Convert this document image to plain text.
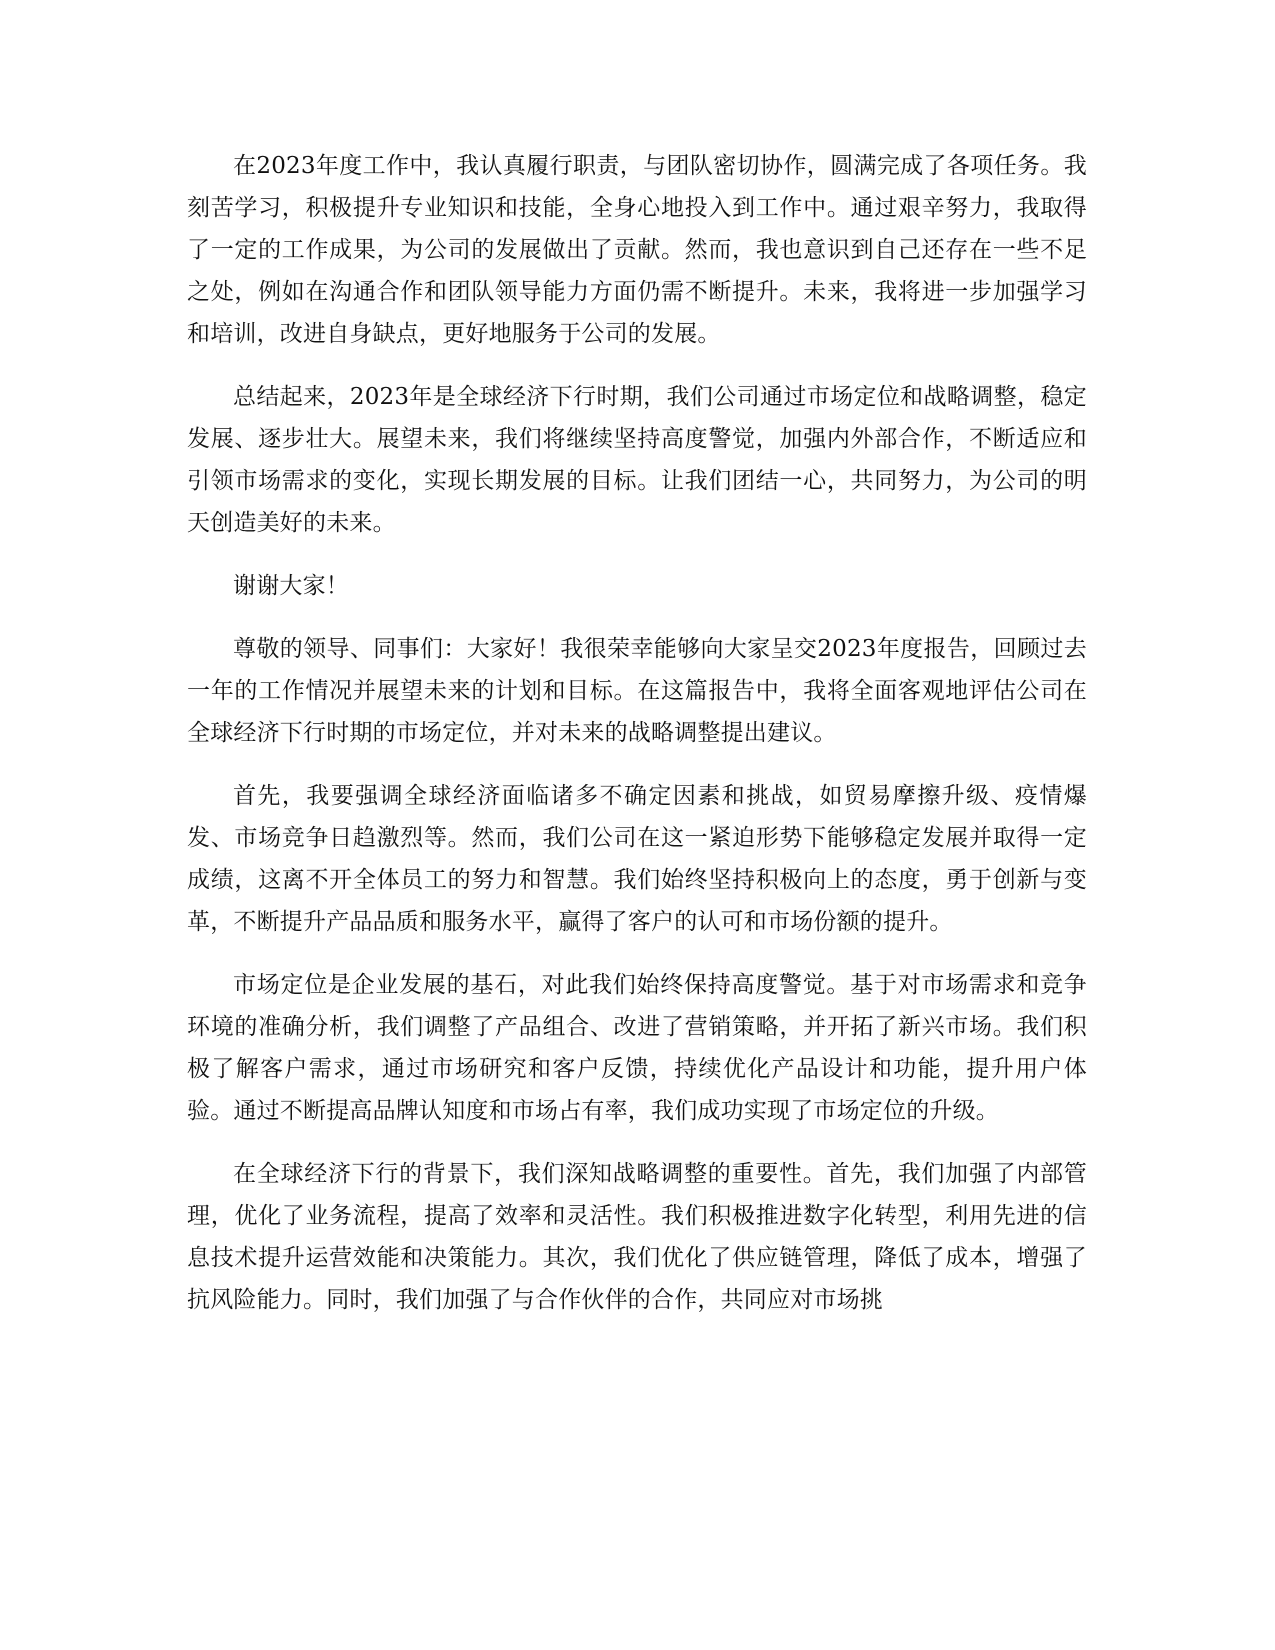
在2023年度工作中，我认真履行职责，与团队密切协作，圆满完成了各项任务。我刻苦学习，积极提升专业知识和技能，全身心地投入到工作中。通过艰辛努力，我取得了一定的工作成果，为公司的发展做出了贡献。然而，我也意识到自己还存在一些不足之处，例如在沟通合作和团队领导能力方面仍需不断提升。未来，我将进一步加强学习和培训，改进自身缺点，更好地服务于公司的发展。

总结起来，2023年是全球经济下行时期，我们公司通过市场定位和战略调整，稳定发展、逐步壮大。展望未来，我们将继续坚持高度警觉，加强内外部合作，不断适应和引领市场需求的变化，实现长期发展的目标。让我们团结一心，共同努力，为公司的明天创造美好的未来。

谢谢大家！

尊敬的领导、同事们：大家好！我很荣幸能够向大家呈交2023年度报告，回顾过去一年的工作情况并展望未来的计划和目标。在这篇报告中，我将全面客观地评估公司在全球经济下行时期的市场定位，并对未来的战略调整提出建议。

首先，我要强调全球经济面临诸多不确定因素和挑战，如贸易摩擦升级、疫情爆发、市场竞争日趋激烈等。然而，我们公司在这一紧迫形势下能够稳定发展并取得一定成绩，这离不开全体员工的努力和智慧。我们始终坚持积极向上的态度，勇于创新与变革，不断提升产品品质和服务水平，赢得了客户的认可和市场份额的提升。

市场定位是企业发展的基石，对此我们始终保持高度警觉。基于对市场需求和竞争环境的准确分析，我们调整了产品组合、改进了营销策略，并开拓了新兴市场。我们积极了解客户需求，通过市场研究和客户反馈，持续优化产品设计和功能，提升用户体验。通过不断提高品牌认知度和市场占有率，我们成功实现了市场定位的升级。

在全球经济下行的背景下，我们深知战略调整的重要性。首先，我们加强了内部管理，优化了业务流程，提高了效率和灵活性。我们积极推进数字化转型，利用先进的信息技术提升运营效能和决策能力。其次，我们优化了供应链管理，降低了成本，增强了抗风险能力。同时，我们加强了与合作伙伴的合作，共同应对市场挑
